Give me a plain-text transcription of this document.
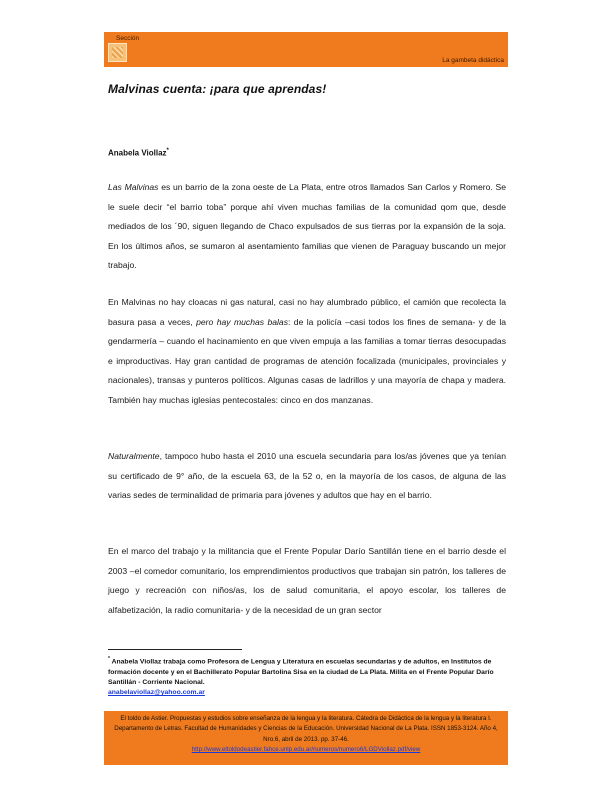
Sección
La gambeta didáctica
Malvinas cuenta: ¡para que aprendas!
Anabela Viollaz*

Las Malvinas es un barrio de la zona oeste de La Plata, entre otros llamados San Carlos y Romero. Se le suele decir “el barrio toba” porque ahí viven muchas familias de la comunidad qom que, desde mediados de los ´90, siguen llegando de Chaco expulsados de sus tierras por la expansión de la soja. En los últimos años, se sumaron al asentamiento familias que vienen de Paraguay buscando un mejor trabajo.

En Malvinas no hay cloacas ni gas natural, casi no hay alumbrado público, el camión que recolecta la basura pasa a veces, pero hay muchas balas: de la policía –casi todos los fines de semana- y de la gendarmería – cuando el hacinamiento en que viven empuja a las familias a tomar tierras desocupadas e improductivas. Hay gran cantidad de programas de atención focalizada (municipales, provinciales y nacionales), transas y punteros políticos. Algunas casas de ladrillos y una mayoría de chapa y madera. También hay muchas iglesias pentecostales: cinco en dos manzanas.

Naturalmente, tampoco hubo hasta el 2010 una escuela secundaria para los/as jóvenes que ya tenían su certificado de 9° año, de la escuela 63, de la 52 o, en la mayoría de los casos, de alguna de las varias sedes de terminalidad de primaria para jóvenes y adultos que hay en el barrio.

En el marco del trabajo y la militancia que el Frente Popular Darío Santillán tiene en el barrio desde el 2003 –el comedor comunitario, los emprendimientos productivos que trabajan sin patrón, los talleres de juego y recreación con niños/as, los de salud comunitaria, el apoyo escolar, los talleres de alfabetización, la radio comunitaria- y de la necesidad de un gran sector

* Anabela Viollaz trabaja como Profesora de Lengua y Literatura en escuelas secundarias y de adultos, en Institutos de formación docente y en el Bachillerato Popular Bartolina Sisa en la ciudad de La Plata. Milita en el Frente Popular Darío Santillán - Corriente Nacional.
anabelaviollaz@yahoo.com.ar
El toldo de Astier. Propuestas y estudios sobre enseñanza de la lengua y la literatura. Cátedra de Didáctica de la lengua y la literatura I. Departamento de Letras. Facultad de Humanidades y Ciencias de la Educación. Universidad Nacional de La Plata. ISSN 1853-3124. Año 4, Nro.6, abril de 2013. pp. 37-46.
http://www.eltoldodeastier.fahce.unlp.edu.ar/numeros/numero6/LGDViollaz.pdf/view
